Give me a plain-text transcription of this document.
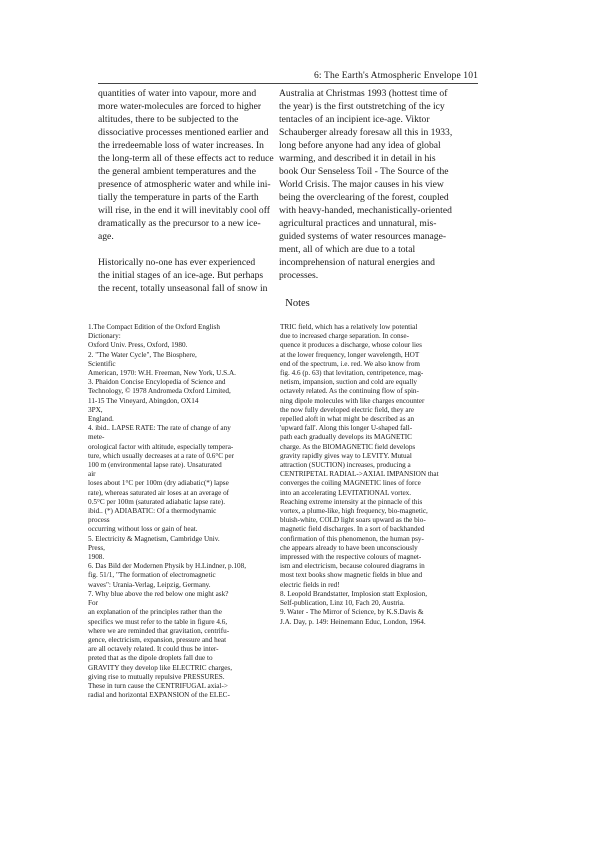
6: The Earth's Atmospheric Envelope 101

quantities of water into vapour, more and
more water-molecules are forced to higher
altitudes, there to be subjected to the
dissociative processes mentioned earlier and
the irredeemable loss of water increases. In
the long-term all of these effects act to reduce
the general ambient temperatures and the
presence of atmospheric water and while ini-
tially the temperature in parts of the Earth
will rise, in the end it will inevitably cool off
dramatically as the precursor to a new ice-
age.

Historically no-one has ever experienced
the initial stages of an ice-age. But perhaps
the recent, totally unseasonal fall of snow in

Australia at Christmas 1993 (hottest time of
the year) is the first outstretching of the icy
tentacles of an incipient ice-age. Viktor
Schauberger already foresaw all this in 1933,
long before anyone had any idea of global
warming, and described it in detail in his
book Our Senseless Toil - The Source of the
World Crisis. The major causes in his view
being the overclearing of the forest, coupled
with heavy-handed, mechanistically-oriented
agricultural practices and unnatural, mis-
guided systems of water resources manage-
ment, all of which are due to a total
incomprehension of natural energies and
processes.

Notes

1.The Compact Edition of the Oxford English
Dictionary:
Oxford Univ. Press, Oxford, 1980.

2. "The Water Cycle", The Biosphere,
Scientific
American, 1970: W.H. Freeman, New York, U.S.A.

3. Phaidon Concise Encylopedia of Science and
Technology, © 1978 Andromeda Oxford Limited,
11-15 The Vineyard, Abingdon, OX14
3PX,
England.

4. ibid.. LAPSE RATE: The rate of change of any
mete-
orological factor with altitude, especially tempera-
ture, which usually decreases at a rate of 0.6°C per
100 m (environmental lapse rate). Unsaturated
air
loses about 1°C per 100m (dry adiabatic(*) lapse
rate), whereas saturated air loses at an average of
0.5°C per 100m (saturated adiabatic lapse rate).
ibid.. (*) ADIABATIC: Of a thermodynamic
process
occurring without loss or gain of heat.

5. Electricity & Magnetism, Cambridge Univ.
Press,
1908.

6. Das Bild der Modernen Physik by H.Lindner, p.108,
fig. 51/1, "The formation of electromagnetic
waves": Urania-Verlag, Leipzig, Germany.

7. Why blue above the red below one might ask?
For
an explanation of the principles rather than the
specifics we must refer to the table in figure 4.6,
where we are reminded that gravitation, centrifu-
gence, electricism, expansion, pressure and heat
are all octavely related. It could thus be inter-
preted that as the dipole droplets fall due to
GRAVITY they develop like ELECTRIC charges,
giving rise to mutually repulsive PRESSURES.
These in turn cause the CENTRIFUGAL axial->
radial and horizontal EXPANSION of the ELEC-

TRIC field, which has a relatively low potential
due to increased charge separation. In conse-
quence it produces a discharge, whose colour lies
at the lower frequency, longer wavelength, HOT
end of the spectrum, i.e. red. We also know from
fig. 4.6 (p. 63) that levitation, centripetence, mag-
netism, impansion, suction and cold are equally
octavely related. As the continuing flow of spin-
ning dipole molecules with like charges encounter
the now fully developed electric field, they are
repelled aloft in what might be described as an
'upward fall'. Along this longer U-shaped fall-
path each gradually develops its MAGNETIC
charge. As the BIOMAGNETIC field develops
gravity rapidly gives way to LEVITY. Mutual
attraction (SUCTION) increases, producing a
CENTRIPETAL RADIAL->AXIAL IMPANSION that
converges the coiling MAGNETIC lines of force
into an accelerating LEVITATIONAL vortex.
Reaching extreme intensity at the pinnacle of this
vortex, a plume-like, high frequency, bio-magnetic,
bluish-white, COLD light soars upward as the bio-
magnetic field discharges. In a sort of backhanded
confirmation of this phenomenon, the human psy-
che appears already to have been unconsciously
impressed with the respective colours of magnet-
ism and electricism, because coloured diagrams in
most text books show magnetic fields in blue and
electric fields in red!

8. Leopold Brandstatter, Implosion statt Explosion,
Self-publication, Linz 10, Fach 20, Austria.

9. Water - The Mirror of Science, by K.S.Davis &
J.A. Day, p. 149: Heinemann Educ, London, 1964.
